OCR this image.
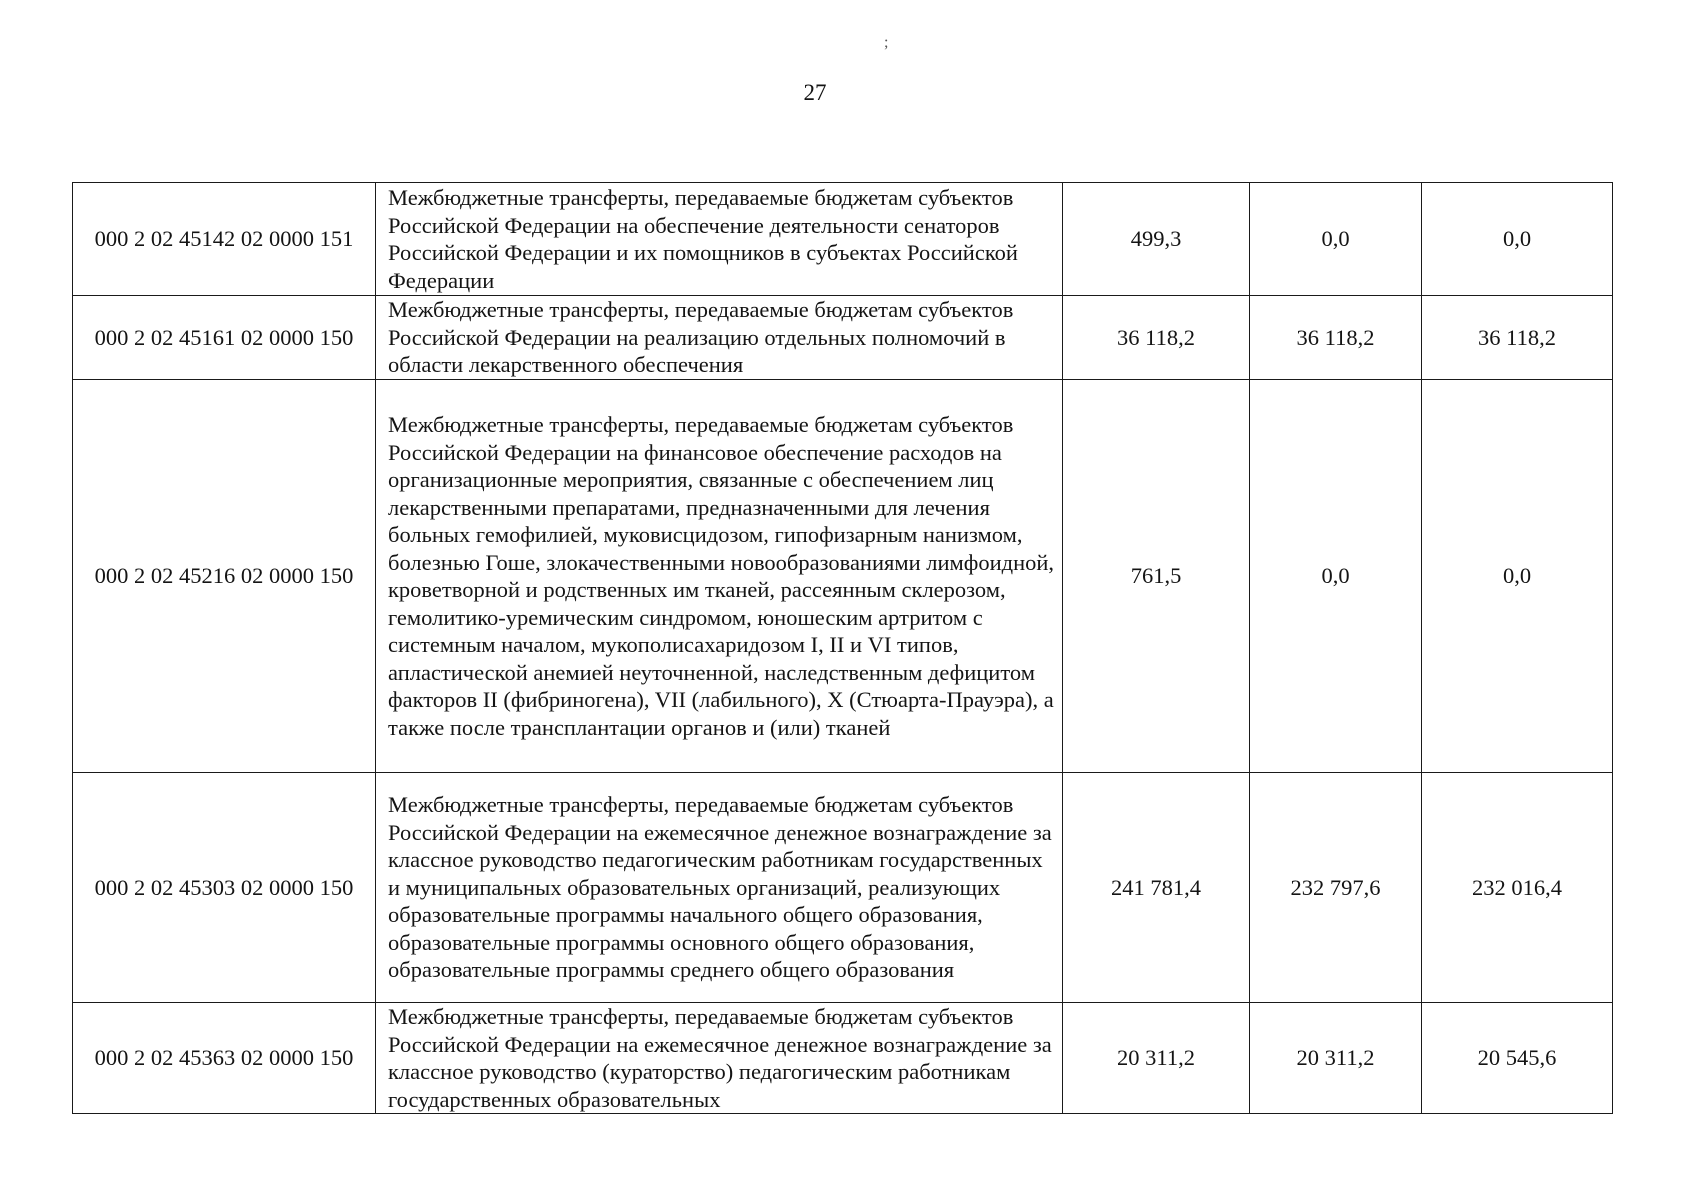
;
27
000 2 02 45142 02 0000 151	Межбюджетные трансферты, передаваемые бюджетам субъектов Российской Федерации на обеспечение деятельности сенаторов Российской Федерации и их помощников в субъектах Российской Федерации	499,3	0,0	0,0
000 2 02 45161 02 0000 150	Межбюджетные трансферты, передаваемые бюджетам субъектов Российской Федерации на реализацию отдельных полномочий в области лекарственного обеспечения	36 118,2	36 118,2	36 118,2
000 2 02 45216 02 0000 150	Межбюджетные трансферты, передаваемые бюджетам субъектов Российской Федерации на финансовое обеспечение расходов на организационные мероприятия, связанные с обеспечением лиц лекарственными препаратами, предназначенными для лечения больных гемофилией, муковисцидозом, гипофизарным нанизмом, болезнью Гоше, злокачественными новообразованиями лимфоидной, кроветворной и родственных им тканей, рассеянным склерозом, гемолитико-уремическим синдромом, юношеским артритом с системным началом, мукополисахаридозом I, II и VI типов, апластической анемией неуточненной, наследственным дефицитом факторов II (фибриногена), VII (лабильного), X (Стюарта-Прауэра), а также после трансплантации органов и (или) тканей	761,5	0,0	0,0
000 2 02 45303 02 0000 150	Межбюджетные трансферты, передаваемые бюджетам субъектов Российской Федерации на ежемесячное денежное вознаграждение за классное руководство педагогическим работникам государственных и муниципальных образовательных организаций, реализующих образовательные программы начального общего образования, образовательные программы основного общего образования, образовательные программы среднего общего образования	241 781,4	232 797,6	232 016,4
000 2 02 45363 02 0000 150	Межбюджетные трансферты, передаваемые бюджетам субъектов Российской Федерации на ежемесячное денежное вознаграждение за классное руководство (кураторство) педагогическим работникам государственных образовательных	20 311,2	20 311,2	20 545,6
